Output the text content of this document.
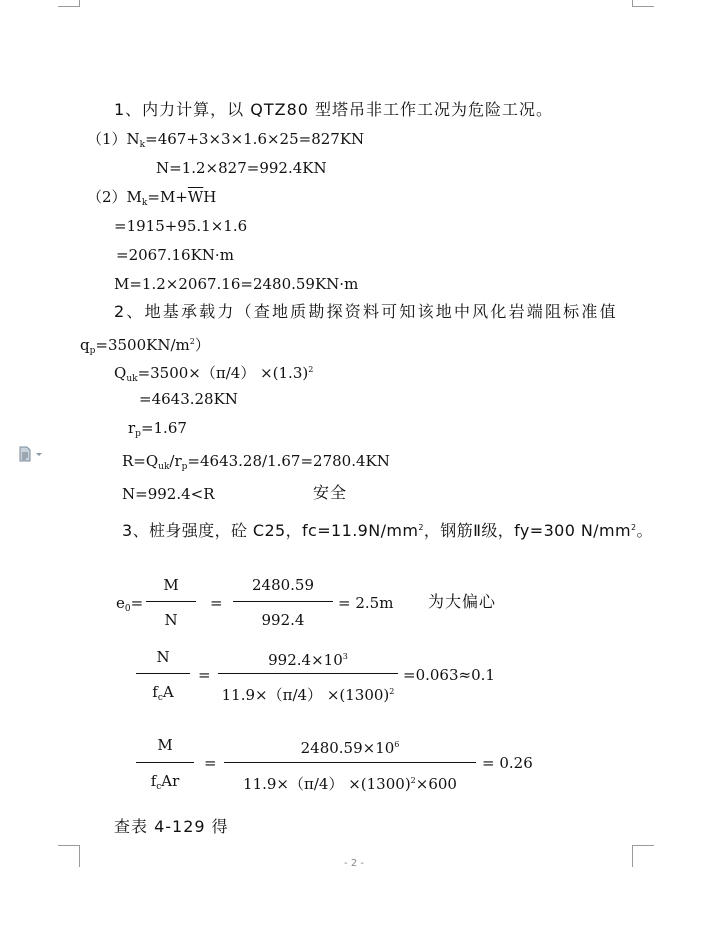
1、内力计算，以 QTZ80 型塔吊非工作工况为危险工况。
$(1)N_k=467+3\times 3\times 1.6\times 25=827KN$
N=1.2×827=992.4KN
$(2)M_k=M+\overline{W}H$
=1915+95.1×1.6
=2067.16KN·m
M=1.2×2067.16=2480.59KN·m
2、地基承载力（查地质勘探资料可知该地中风化岩端阻标准值
$q_p=3500KN/m^2$）
$Q_{uk}=3500\times(\pi/4) \times(1.3)^2$
=4643.28KN
$r_p=1.67$
$R=Q_{uk}/r_p=4643.28/1.67=2780.4KN$
N=992.4<R	安全
3、桩身强度，砼 C25，$fc=11.9N/mm^2$，钢筋Ⅱ级，fy=300 $N/mm^2$。
$e_0=$
M
N
=
2480.59
992.4
= 2.5m 为大偏心
N
$f_cA$
=
$992.4\times 10^3$
$11.9\times(\pi/4) \times(1300)^2$
=0.063≈0.1
M
$f_cAr$
=
$2480.59\times 10^6$
$11.9\times(\pi/4) \times(1300)^2\times 600$
= 0.26
查表 4-129 得
- 2 -
